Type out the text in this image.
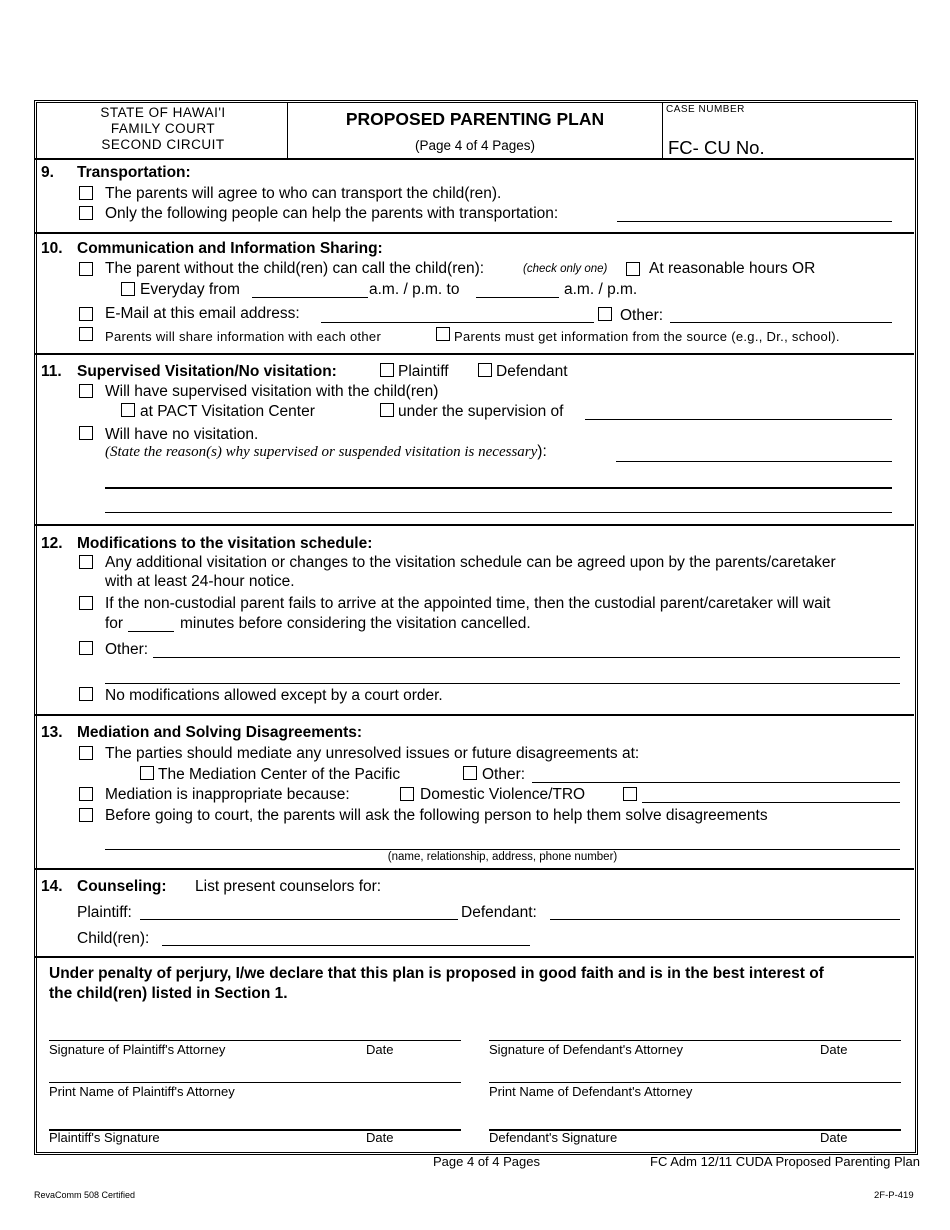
STATE OF HAWAI'I
FAMILY COURT
SECOND CIRCUIT
PROPOSED PARENTING PLAN
(Page 4 of 4 Pages)
CASE NUMBER
FC- CU No.
9. Transportation:
The parents will agree to who can transport the child(ren).
Only the following people can help the parents with transportation:
10. Communication and Information Sharing:
The parent without the child(ren) can call the child(ren):	(check only one)	At reasonable hours OR
Everyday from	a.m. / p.m. to	a.m. / p.m.
E-Mail at this email address:	Other:
Parents will share information with each other	Parents must get information from the source (e.g., Dr., school).
11. Supervised Visitation/No visitation:	Plaintiff	Defendant
Will have supervised visitation with the child(ren)
at PACT Visitation Center	under the supervision of
Will have no visitation.
(State the reason(s) why supervised or suspended visitation is necessary):
12. Modifications to the visitation schedule:
Any additional visitation or changes to the visitation schedule can be agreed upon by the parents/caretaker
with at least 24-hour notice.
If the non-custodial parent fails to arrive at the appointed time, then the custodial parent/caretaker will wait
for	minutes before considering the visitation cancelled.
Other:
No modifications allowed except by a court order.
13. Mediation and Solving Disagreements:
The parties should mediate any unresolved issues or future disagreements at:
The Mediation Center of the Pacific	Other:
Mediation is inappropriate because:	Domestic Violence/TRO
Before going to court, the parents will ask the following person to help them solve disagreements
(name, relationship, address, phone number)
14. Counseling: List present counselors for:
Plaintiff:	Defendant:
Child(ren):
Under penalty of perjury, I/we declare that this plan is proposed in good faith and is in the best interest of
the child(ren) listed in Section 1.
Signature of Plaintiff's Attorney	Date	Signature of Defendant's Attorney	Date
Print Name of Plaintiff's Attorney	Print Name of Defendant's Attorney
Plaintiff's Signature	Date	Defendant's Signature	Date
Page 4 of 4 Pages	FC Adm 12/11 CUDA Proposed Parenting Plan
RevaComm 508 Certified	2F-P-419
